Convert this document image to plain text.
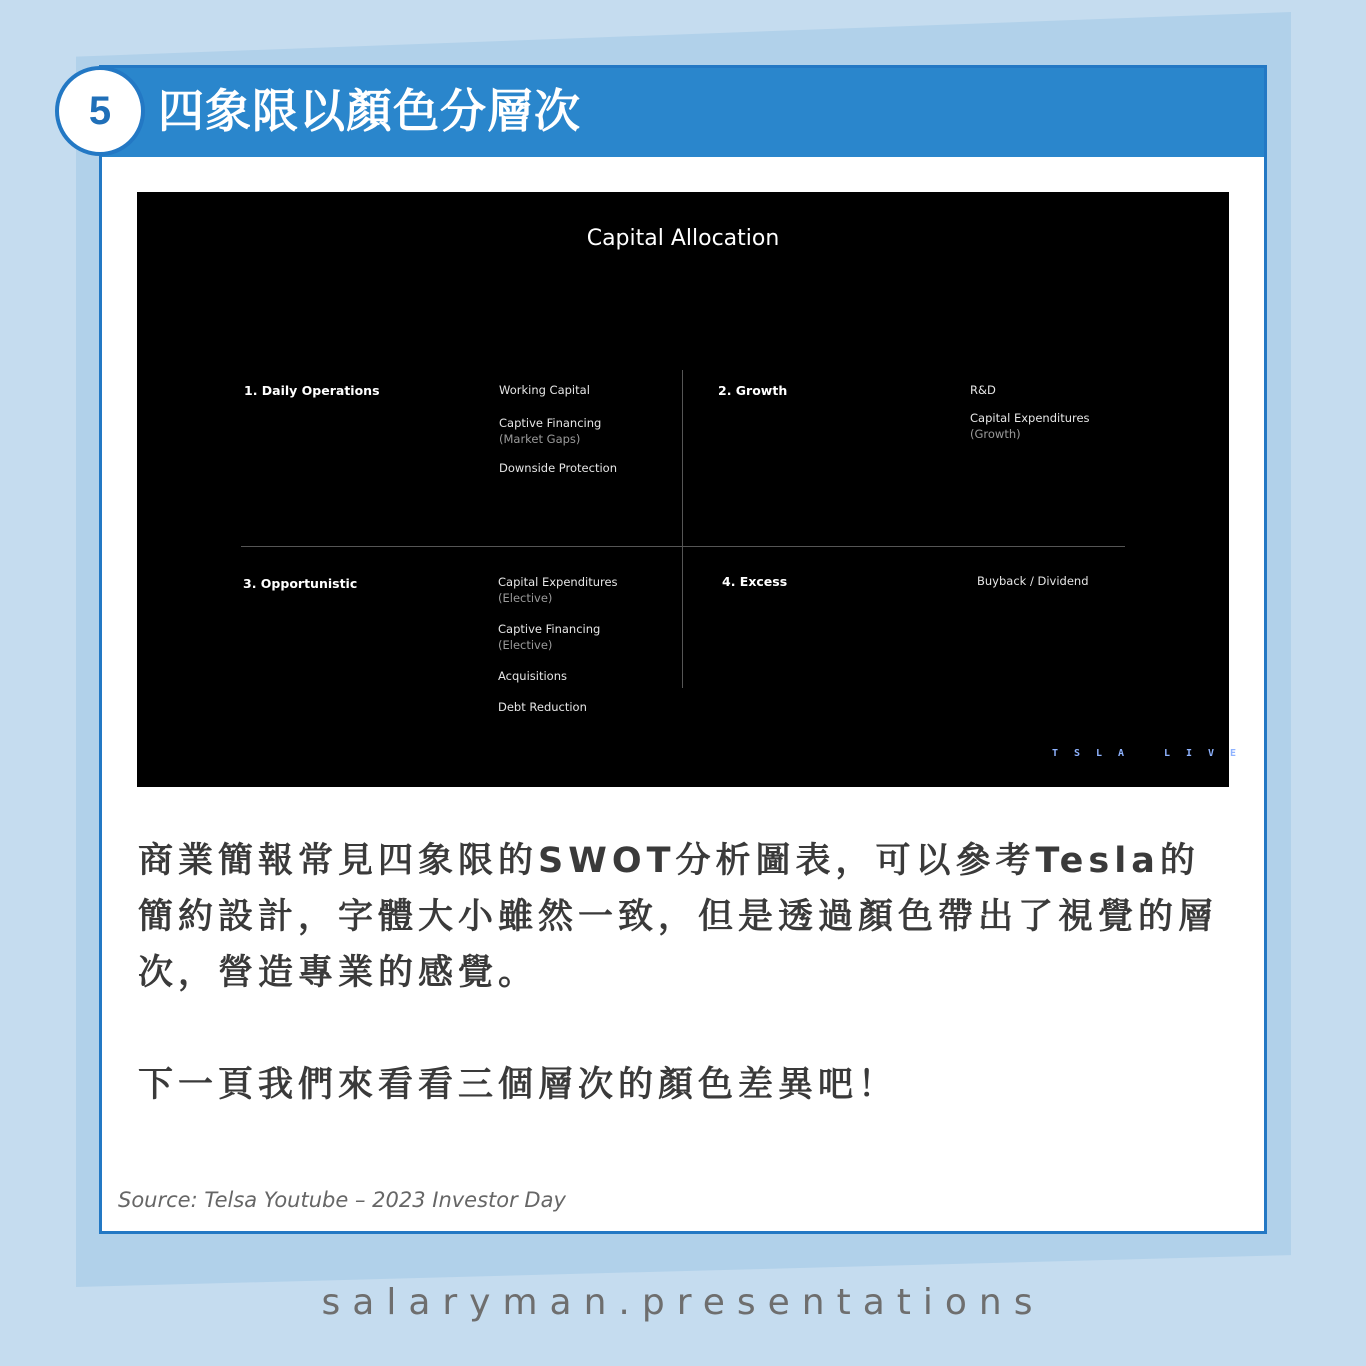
四象限以顏色分層次
5
Capital Allocation
1. Daily Operations	Working Capital
Captive Financing
(Market Gaps)
Downside Protection
2. Growth	R&D
Capital Expenditures
(Growth)
3. Opportunistic	Capital Expenditures
(Elective)
Captive Financing
(Elective)
Acquisitions
Debt Reduction
4. Excess	Buyback / Dividend
T S L A	L I V E

商業簡報常見四象限的SWOT分析圖表，可以參考Tesla的簡約設計，字體大小雖然一致，但是透過顏色帶出了視覺的層次，營造專業的感覺。

下一頁我們來看看三個層次的顏色差異吧！

Source: Telsa Youtube – 2023 Investor Day
salaryman.presentations
